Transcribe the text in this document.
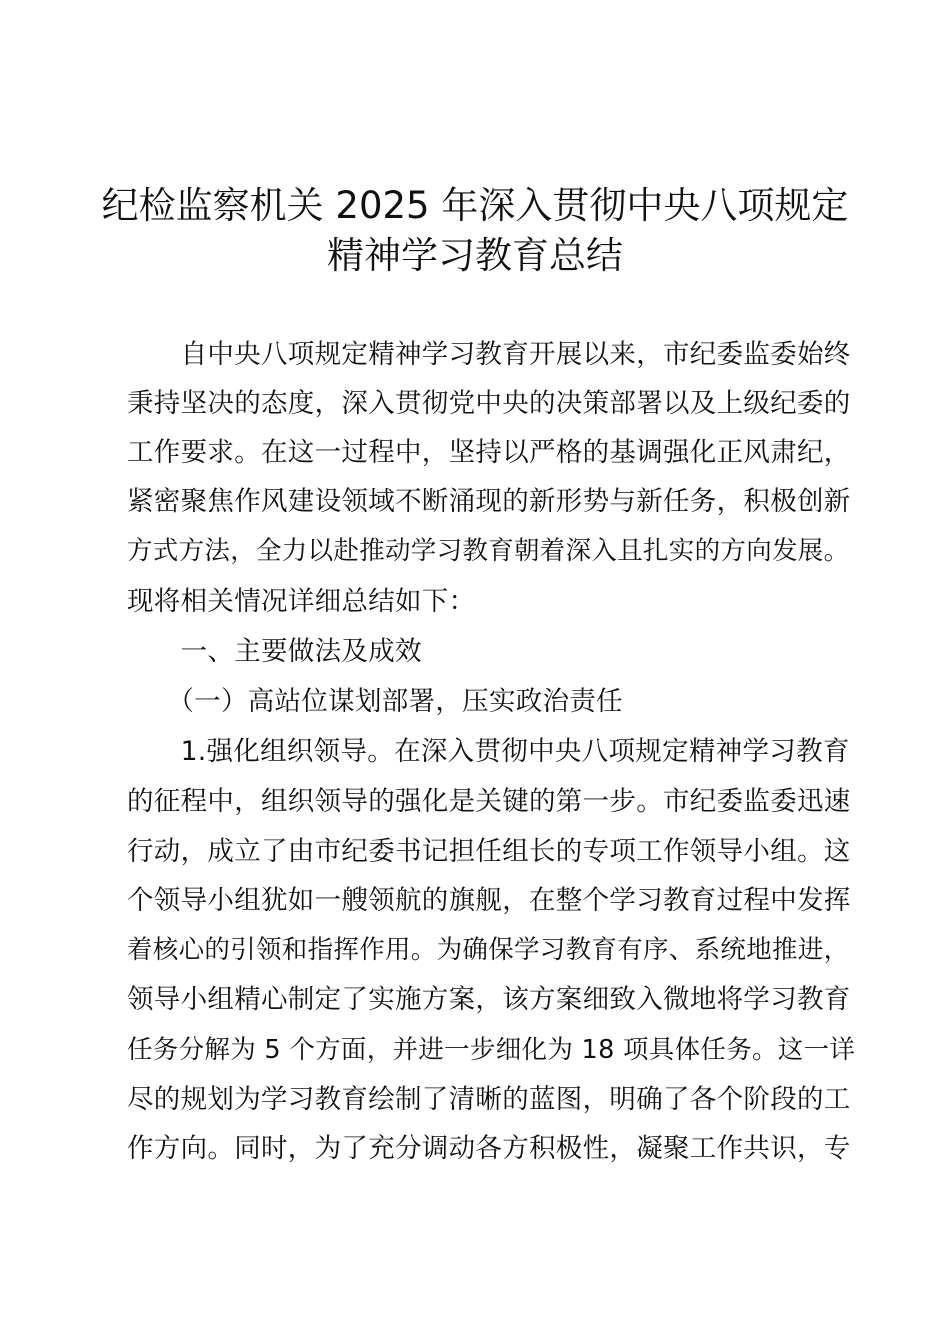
纪检监察机关 2025 年深入贯彻中央八项规定
精神学习教育总结
　　自中央八项规定精神学习教育开展以来，市纪委监委始终
秉持坚决的态度，深入贯彻党中央的决策部署以及上级纪委的
工作要求。在这一过程中，坚持以严格的基调强化正风肃纪，
紧密聚焦作风建设领域不断涌现的新形势与新任务，积极创新
方式方法，全力以赴推动学习教育朝着深入且扎实的方向发展。
现将相关情况详细总结如下：
　　一、主要做法及成效
　　（一）高站位谋划部署，压实政治责任
　　1.强化组织领导。在深入贯彻中央八项规定精神学习教育
的征程中，组织领导的强化是关键的第一步。市纪委监委迅速
行动，成立了由市纪委书记担任组长的专项工作领导小组。这
个领导小组犹如一艘领航的旗舰，在整个学习教育过程中发挥
着核心的引领和指挥作用。为确保学习教育有序、系统地推进，
领导小组精心制定了实施方案，该方案细致入微地将学习教育
任务分解为 5 个方面，并进一步细化为 18 项具体任务。这一详
尽的规划为学习教育绘制了清晰的蓝图，明确了各个阶段的工
作方向。同时，为了充分调动各方积极性，凝聚工作共识，专
